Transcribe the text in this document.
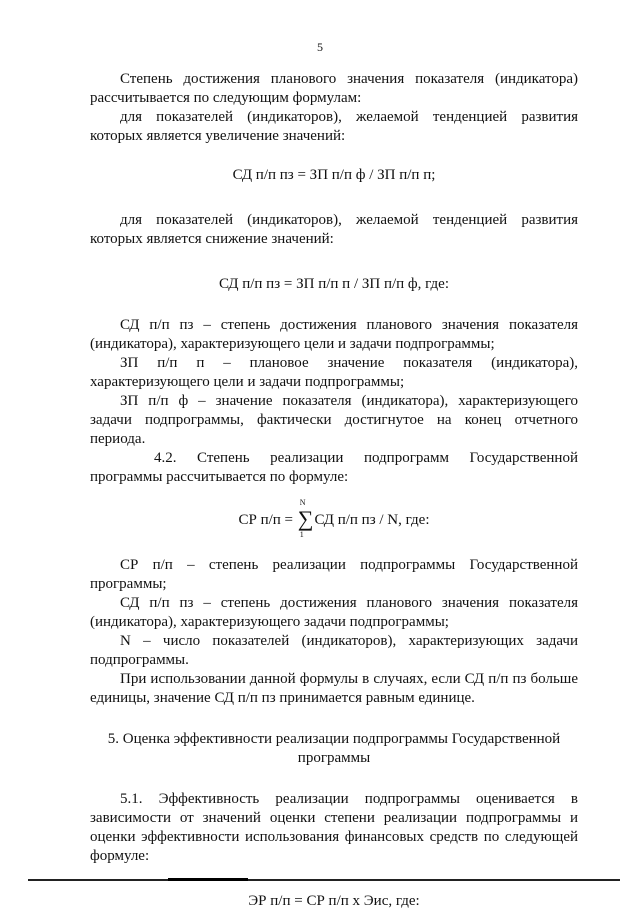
5

Степень достижения планового значения показателя (индикатора) рассчитывается по следующим формулам:

для показателей (индикаторов), желаемой тенденцией развития которых является увеличение значений:

СД п/п пз = ЗП п/п ф / ЗП п/п п;

для показателей (индикаторов), желаемой тенденцией развития которых является снижение значений:

СД п/п пз = ЗП п/п п / ЗП п/п ф, где:

СД п/п пз – степень достижения планового значения показателя (индикатора), характеризующего цели и задачи подпрограммы;

ЗП п/п п – плановое значение показателя (индикатора), характеризующего цели и задачи подпрограммы;

ЗП п/п ф – значение показателя (индикатора), характеризующего задачи подпрограммы, фактически достигнутое на конец отчетного периода.

4.2. Степень реализации подпрограмм Государственной программы рассчитывается по формуле:

СР п/п =
N
∑
1
СД п/п пз / N, где:

СР п/п – степень реализации подпрограммы Государственной программы;

СД п/п пз – степень достижения планового значения показателя (индикатора), характеризующего задачи подпрограммы;

N – число показателей (индикаторов), характеризующих задачи подпрограммы.

При использовании данной формулы в случаях, если СД п/п пз больше единицы, значение СД п/п пз принимается равным единице.

5. Оценка эффективности реализации подпрограммы Государственной
программы

5.1. Эффективность реализации подпрограммы оценивается в зависимости от значений оценки степени реализации подпрограммы и оценки эффективности использования финансовых средств по следующей формуле:

ЭР п/п = СР п/п х Эис, где:
